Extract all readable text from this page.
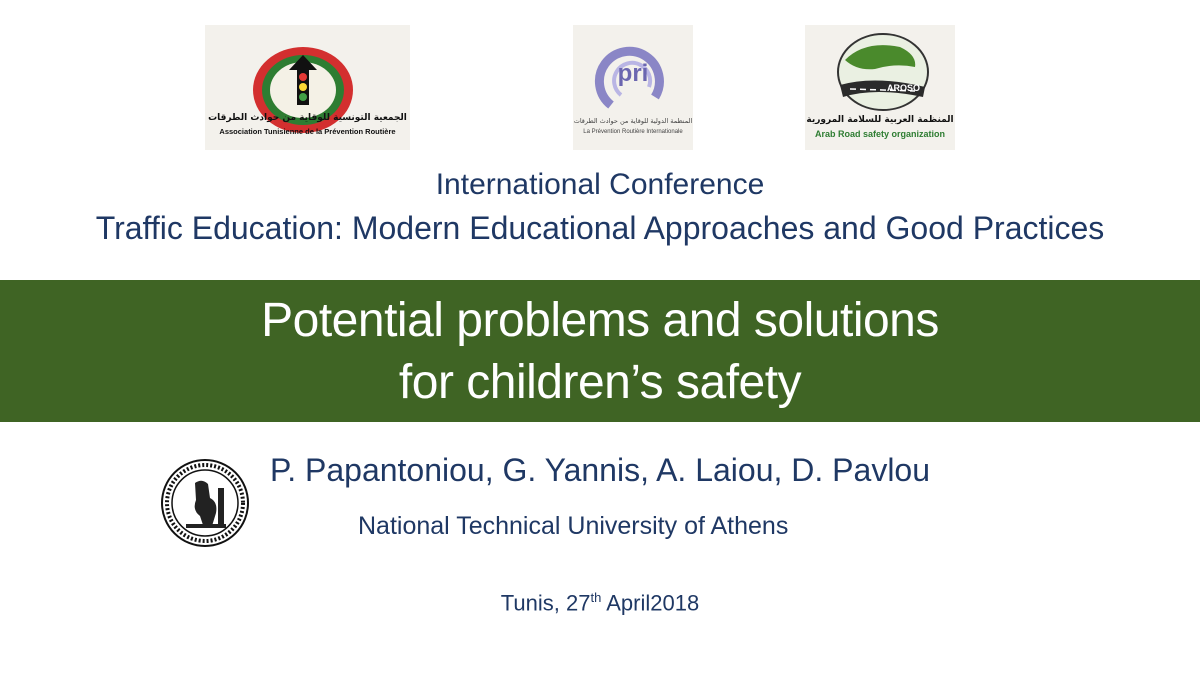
الجمعية التونسية للوقاية من حوادث الطرقات
Association Tunisienne de la Prévention Routière
pri
المنظمة الدولية للوقاية من حوادث الطرقات
La Prévention Routière Internationale
AROSO
المنظمة العربية للسلامة المرورية
Arab Road safety organization
International Conference
Traffic Education: Modern Educational Approaches and Good Practices
Potential problems and solutions
for children’s safety
P. Papantoniou, G. Yannis, A. Laiou, D. Pavlou
National Technical University of Athens
Tunis, 27th April2018
